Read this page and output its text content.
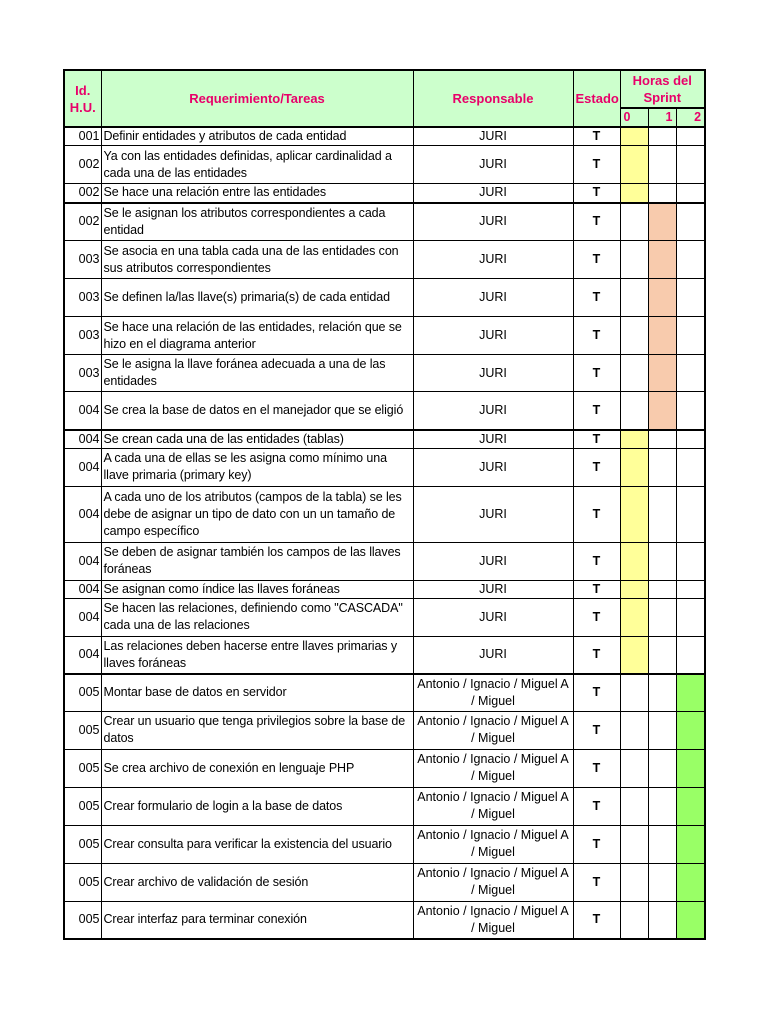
Id. H.U.	Requerimiento/Tareas	Responsable	Estado	Horas del Sprint		
				0	1	2
001	Definir entidades y atributos de cada entidad	JURI	T			
002	Ya con las entidades definidas, aplicar cardinalidad a cada una de las entidades	JURI	T			
002	Se hace una relación entre las entidades	JURI	T			
002	Se le asignan los atributos correspondientes a cada entidad	JURI	T			
003	Se asocia en una tabla cada una de las entidades con sus atributos correspondientes	JURI	T			
003	Se definen la/las llave(s) primaria(s) de cada entidad	JURI	T			
003	Se hace una relación de las entidades, relación que se hizo en el diagrama anterior	JURI	T			
003	Se le asigna la llave foránea adecuada a una de las entidades	JURI	T			
004	Se crea la base de datos en el manejador que se eligió	JURI	T			
004	Se crean cada una de las entidades (tablas)	JURI	T			
004	A cada una de ellas se les asigna como mínimo una llave primaria (primary key)	JURI	T			
004	A cada uno de los atributos (campos de la tabla) se les debe de asignar un tipo de dato con un un tamaño de campo específico	JURI	T			
004	Se deben de asignar también los campos de las llaves foráneas	JURI	T			
004	Se asignan como índice las llaves foráneas	JURI	T			
004	Se hacen las relaciones, definiendo como "CASCADA" cada una de las relaciones	JURI	T			
004	Las relaciones deben hacerse entre llaves primarias y llaves foráneas	JURI	T			
005	Montar base de datos en servidor	Antonio / Ignacio / Miguel A / Miguel	T			
005	Crear un usuario que tenga privilegios sobre la base de datos	Antonio / Ignacio / Miguel A / Miguel	T			
005	Se crea archivo de conexión en lenguaje PHP	Antonio / Ignacio / Miguel A / Miguel	T			
005	Crear formulario de login a la base de datos	Antonio / Ignacio / Miguel A / Miguel	T			
005	Crear consulta para verificar la existencia del usuario	Antonio / Ignacio / Miguel A / Miguel	T			
005	Crear archivo de validación de sesión	Antonio / Ignacio / Miguel A / Miguel	T			
005	Crear interfaz para terminar conexión	Antonio / Ignacio / Miguel A / Miguel	T			
